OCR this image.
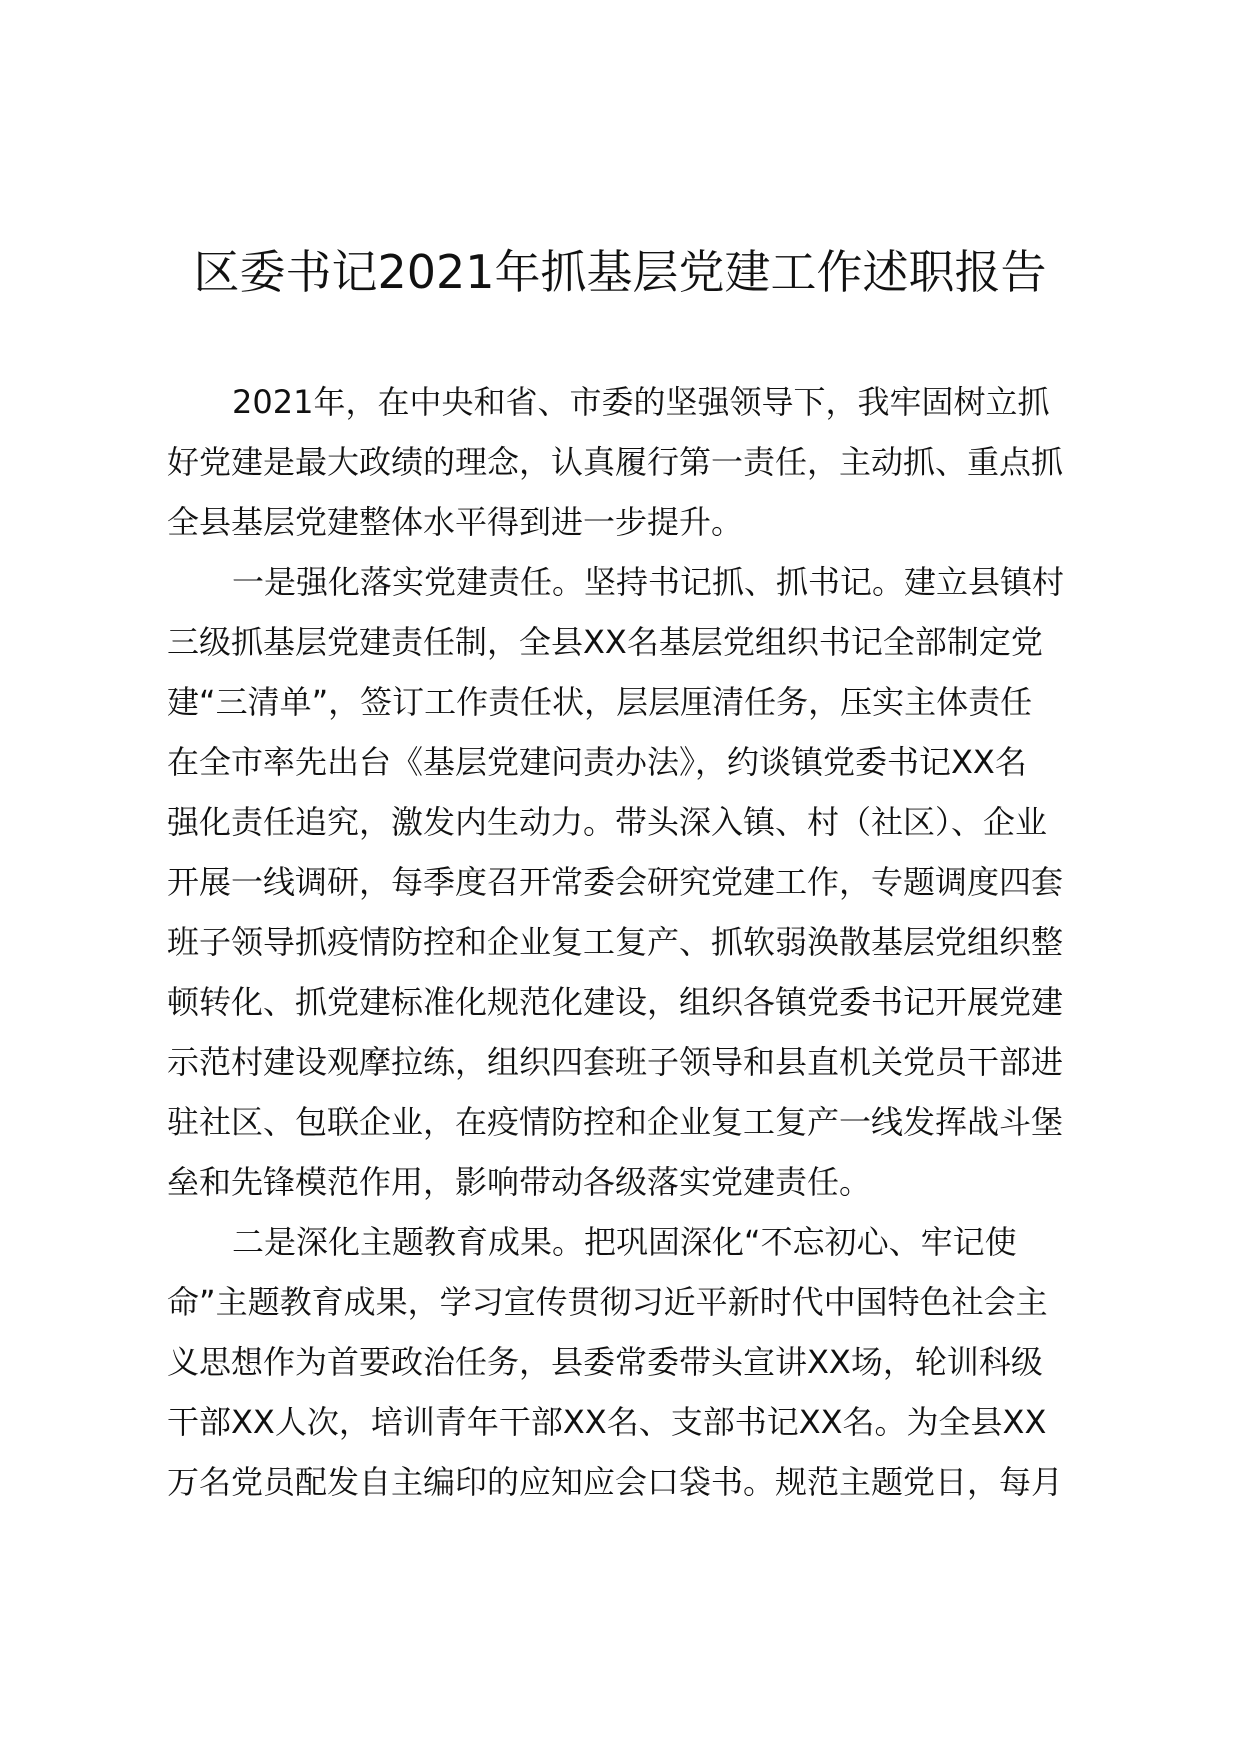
区委书记2021年抓基层党建工作述职报告
2021年，在中央和省、市委的坚强领导下，我牢固树立抓
好党建是最大政绩的理念，认真履行第一责任，主动抓、重点抓
全县基层党建整体水平得到进一步提升。
一是强化落实党建责任。坚持书记抓、抓书记。建立县镇村
三级抓基层党建责任制，全县XX名基层党组织书记全部制定党
建“三清单”，签订工作责任状，层层厘清任务，压实主体责任
在全市率先出台《基层党建问责办法》，约谈镇党委书记XX名
强化责任追究，激发内生动力。带头深入镇、村（社区）、企业
开展一线调研，每季度召开常委会研究党建工作，专题调度四套
班子领导抓疫情防控和企业复工复产、抓软弱涣散基层党组织整
顿转化、抓党建标准化规范化建设，组织各镇党委书记开展党建
示范村建设观摩拉练，组织四套班子领导和县直机关党员干部进
驻社区、包联企业，在疫情防控和企业复工复产一线发挥战斗堡
垒和先锋模范作用，影响带动各级落实党建责任。
二是深化主题教育成果。把巩固深化“不忘初心、牢记使
命”主题教育成果，学习宣传贯彻习近平新时代中国特色社会主
义思想作为首要政治任务，县委常委带头宣讲XX场，轮训科级
干部XX人次，培训青年干部XX名、支部书记XX名。为全县XX
万名党员配发自主编印的应知应会口袋书。规范主题党日，每月
